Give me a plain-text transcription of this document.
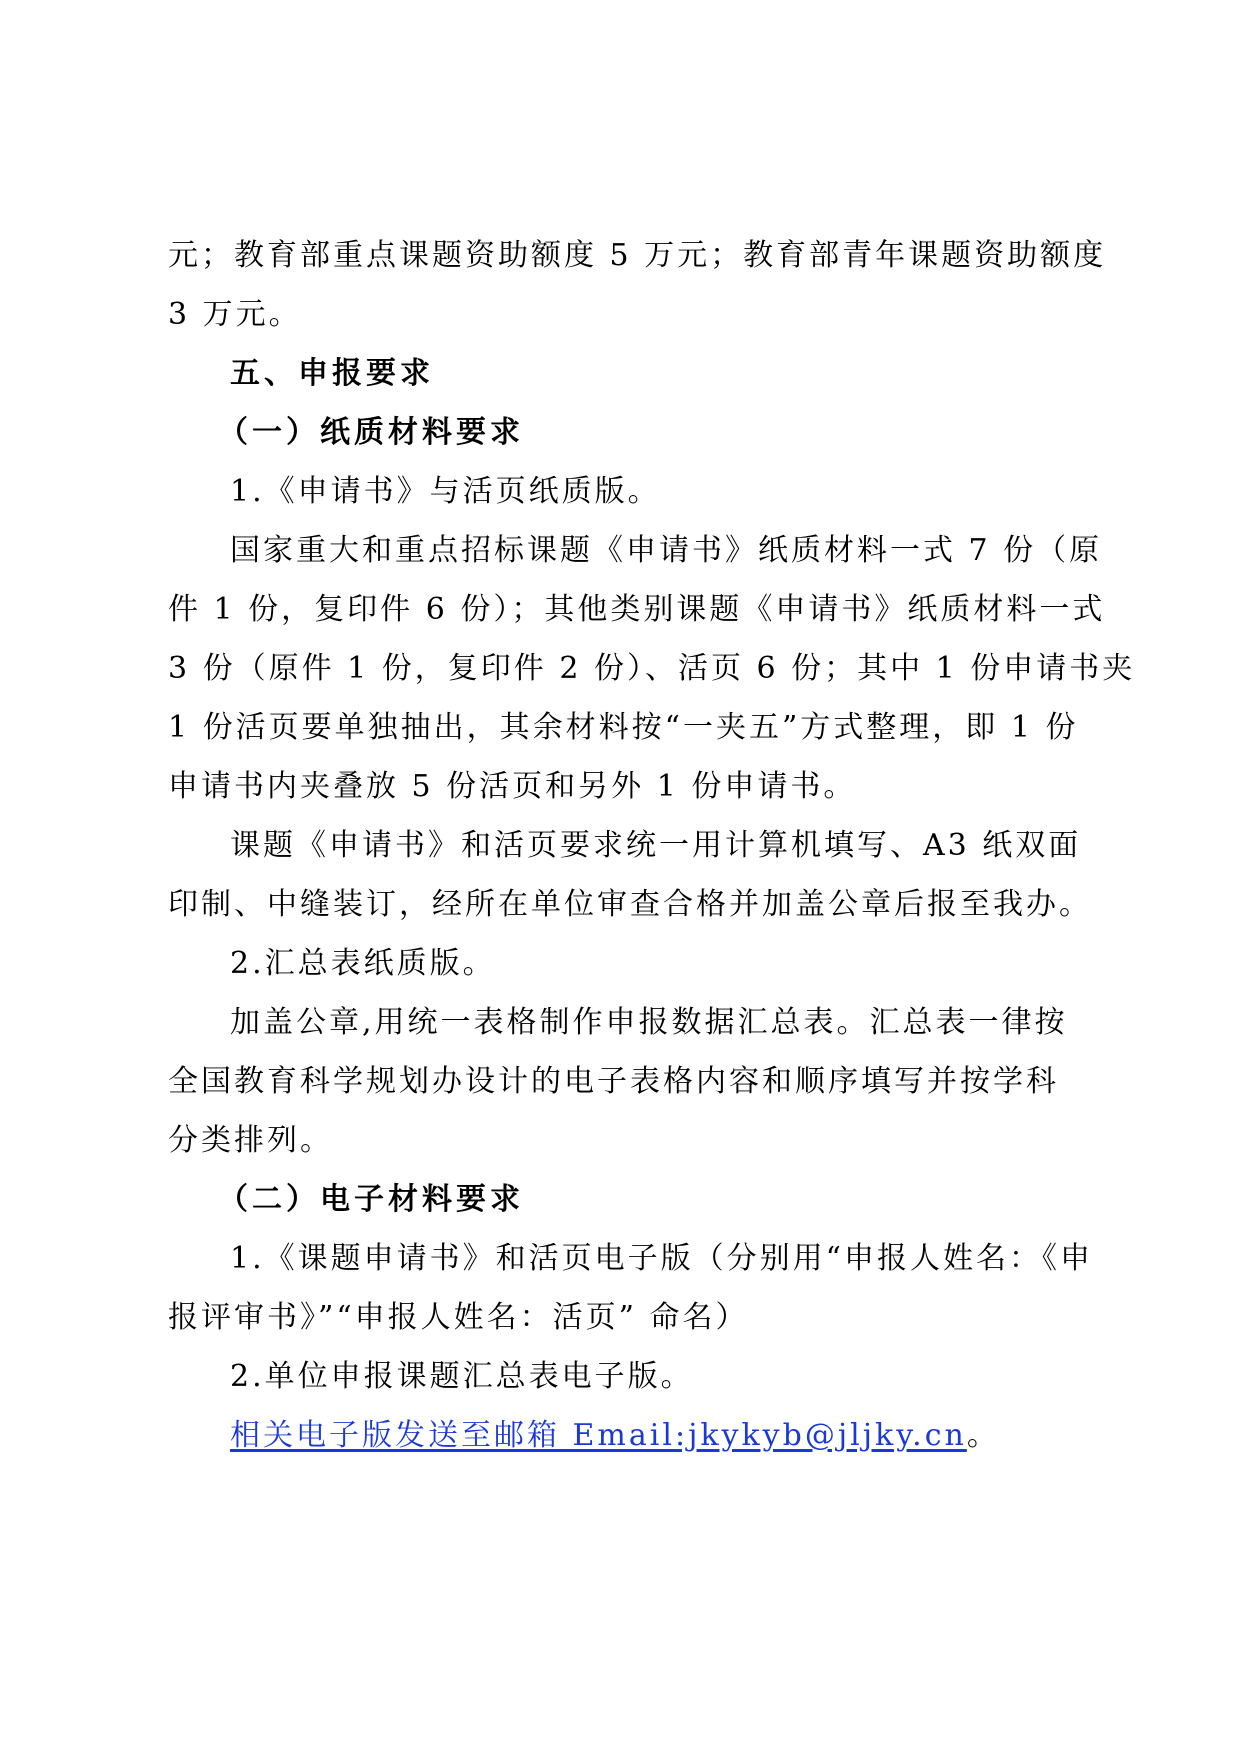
元；教育部重点课题资助额度 5 万元；教育部青年课题资助额度
3 万元。
五、申报要求
（一）纸质材料要求
1.《申请书》与活页纸质版。
国家重大和重点招标课题《申请书》纸质材料一式 7 份（原
件 1 份，复印件 6 份）；其他类别课题《申请书》纸质材料一式
3 份（原件 1 份，复印件 2 份）、活页 6 份；其中 1 份申请书夹
1 份活页要单独抽出，其余材料按“一夹五”方式整理，即 1 份
申请书内夹叠放 5 份活页和另外 1 份申请书。
课题《申请书》和活页要求统一用计算机填写、A3 纸双面
印制、中缝装订，经所在单位审查合格并加盖公章后报至我办。
2.汇总表纸质版。
加盖公章,用统一表格制作申报数据汇总表。汇总表一律按
全国教育科学规划办设计的电子表格内容和顺序填写并按学科
分类排列。
（二）电子材料要求
1.《课题申请书》和活页电子版（分别用“申报人姓名：《申
报评审书》”“申报人姓名：活页” 命名）
2.单位申报课题汇总表电子版。
相关电子版发送至邮箱 Email:jkykyb@jljky.cn。
